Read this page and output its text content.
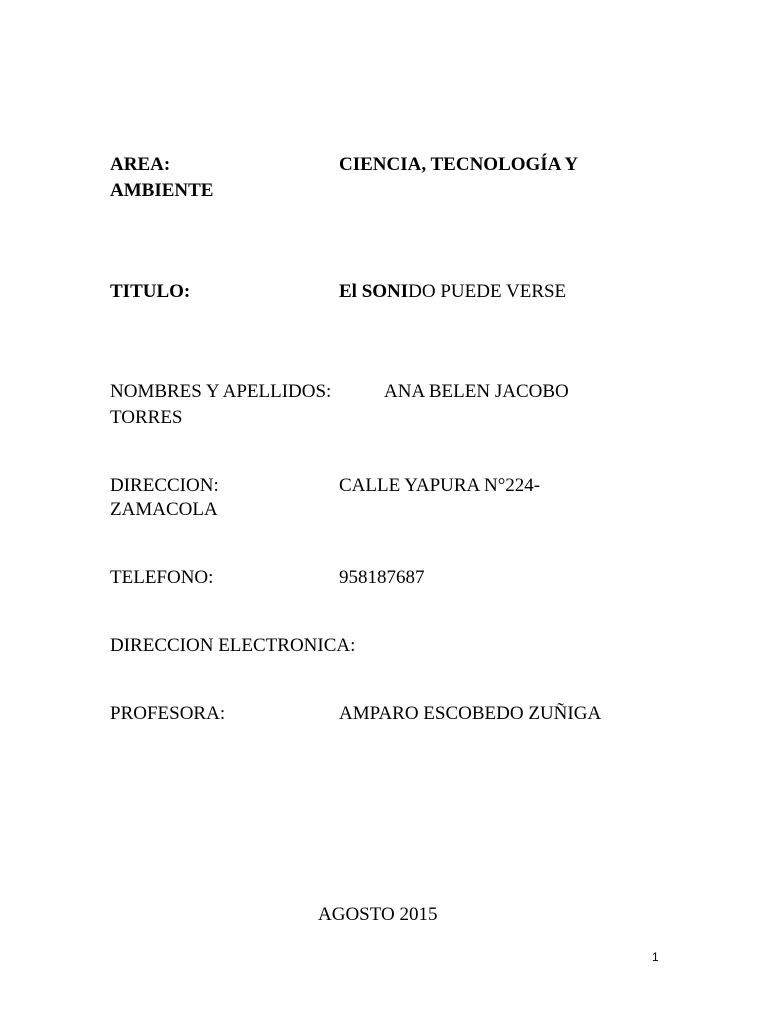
AREA:	CIENCIA, TECNOLOGÍA Y
AMBIENTE
TITULO:	El SONIDO PUEDE VERSE
NOMBRES Y APELLIDOS:	ANA BELEN JACOBO
TORRES
DIRECCION:	CALLE YAPURA N°224-
ZAMACOLA
TELEFONO:	958187687
DIRECCION ELECTRONICA:
PROFESORA:	AMPARO ESCOBEDO ZUÑIGA
AGOSTO 2015
1
